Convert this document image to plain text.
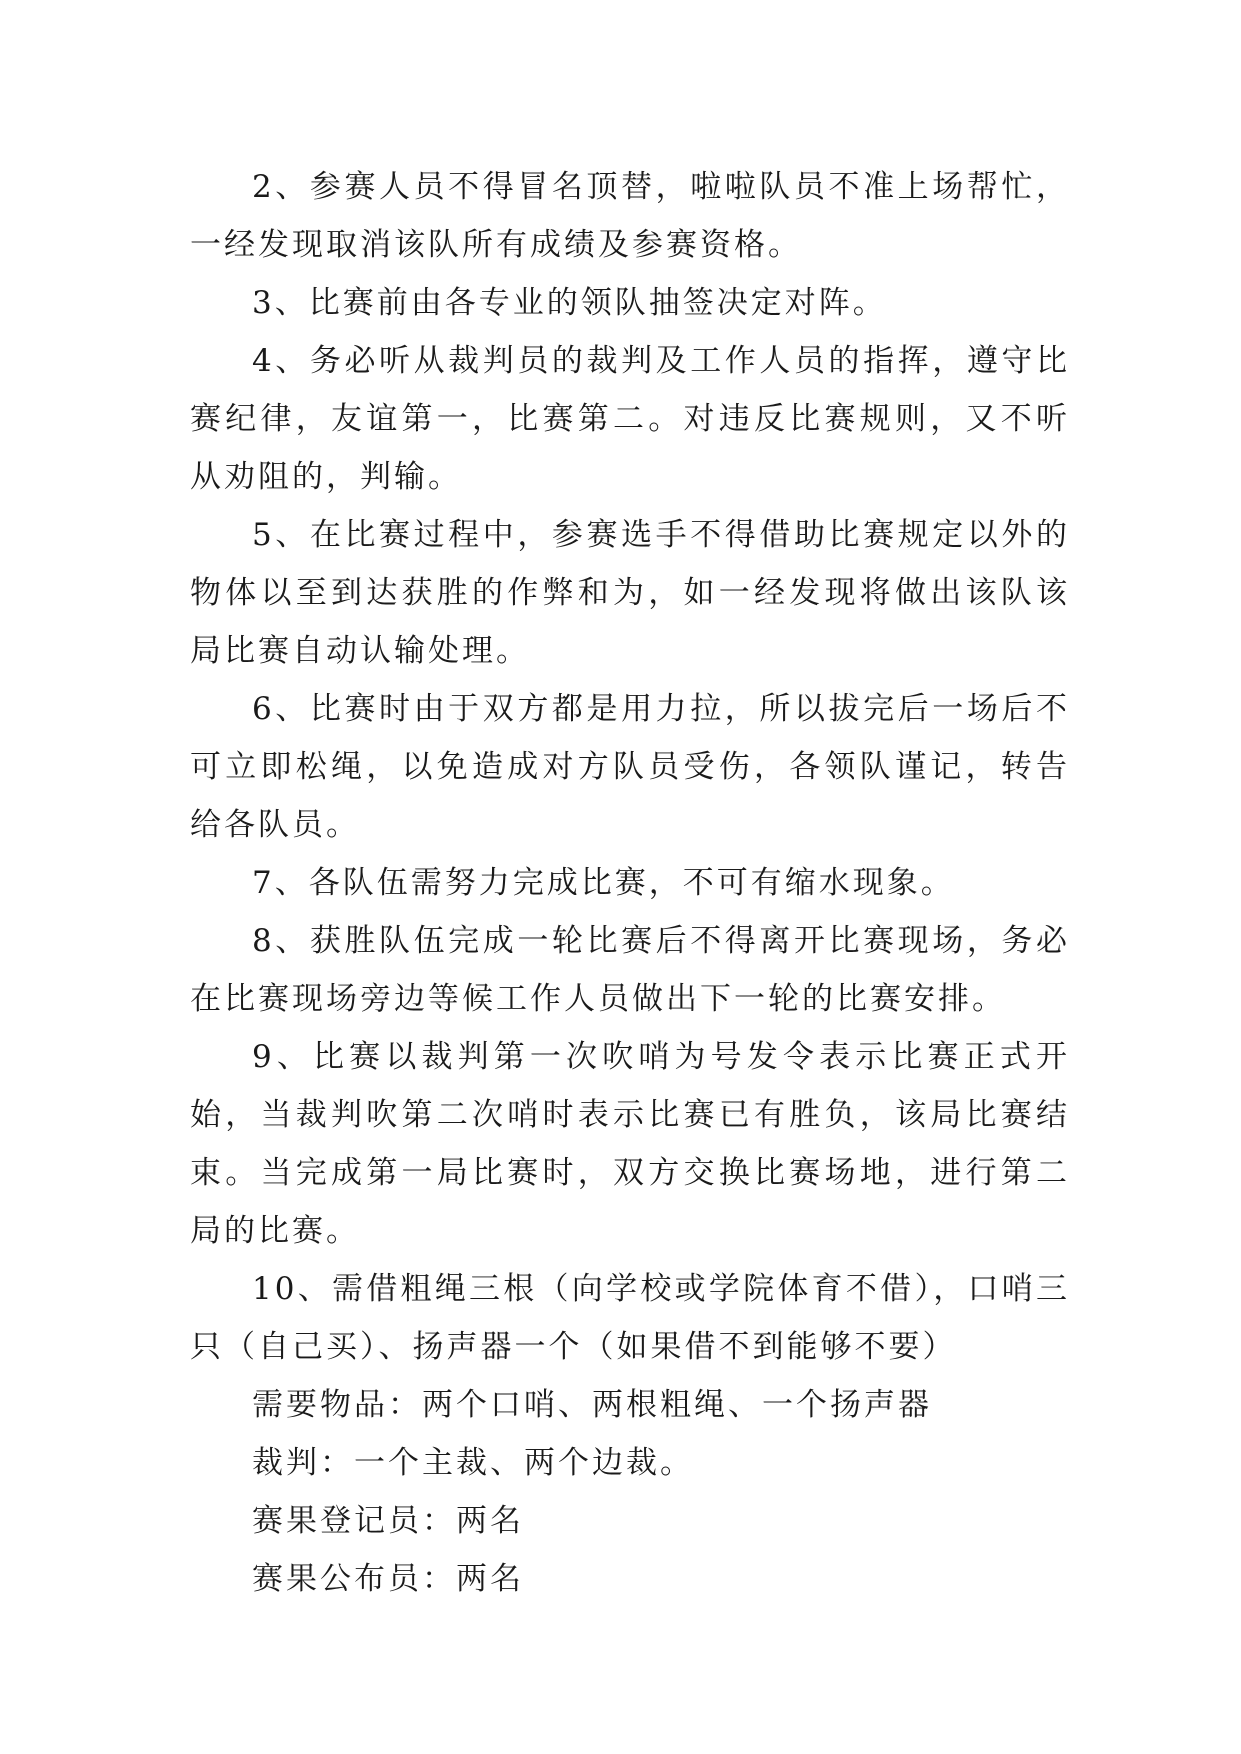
2、参赛人员不得冒名顶替，啦啦队员不准上场帮忙，一经发现取消该队所有成绩及参赛资格。

3、比赛前由各专业的领队抽签决定对阵。

4、务必听从裁判员的裁判及工作人员的指挥，遵守比赛纪律，友谊第一，比赛第二。对违反比赛规则，又不听从劝阻的，判输。

5、在比赛过程中，参赛选手不得借助比赛规定以外的物体以至到达获胜的作弊和为，如一经发现将做出该队该局比赛自动认输处理。

6、比赛时由于双方都是用力拉，所以拔完后一场后不可立即松绳，以免造成对方队员受伤，各领队谨记，转告给各队员。

7、各队伍需努力完成比赛，不可有缩水现象。

8、获胜队伍完成一轮比赛后不得离开比赛现场，务必在比赛现场旁边等候工作人员做出下一轮的比赛安排。

9、比赛以裁判第一次吹哨为号发令表示比赛正式开始，当裁判吹第二次哨时表示比赛已有胜负，该局比赛结束。当完成第一局比赛时，双方交换比赛场地，进行第二局的比赛。

10、需借粗绳三根（向学校或学院体育不借），口哨三只（自己买）、扬声器一个（如果借不到能够不要）

需要物品：两个口哨、两根粗绳、一个扬声器

裁判：一个主裁、两个边裁。

赛果登记员：两名

赛果公布员：两名
